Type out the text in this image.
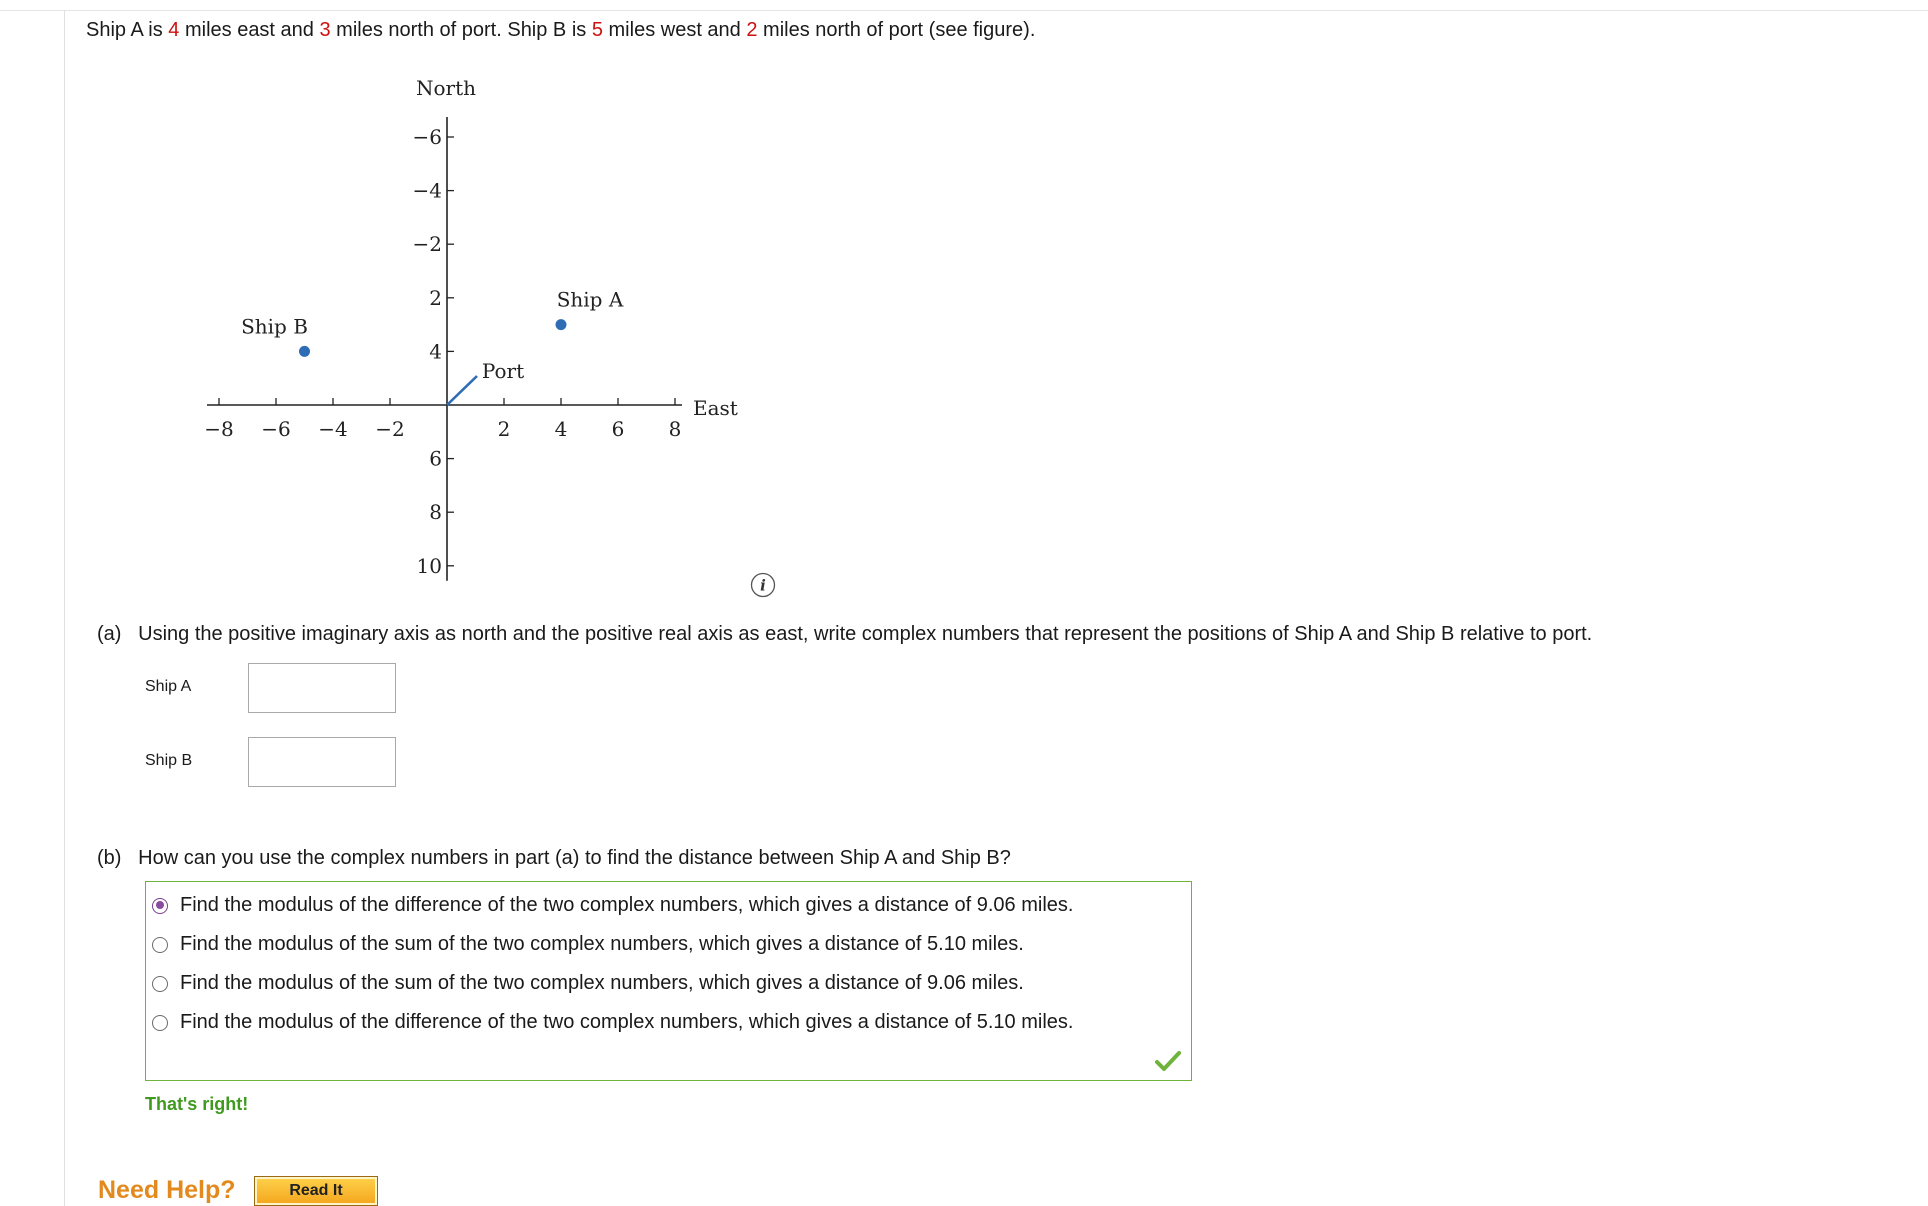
Ship A is 4 miles east and 3 miles north of port. Ship B is 5 miles west and 2 miles north of port (see figure).
−8 −6 −4 −2	2 4 6 8
10
8
6
4
2
−2
−4
−6
North
East
Port
Ship A
Ship B
i
(a) Using the positive imaginary axis as north and the positive real axis as east, write complex numbers that represent the positions of Ship A and Ship B relative to port.
Ship A
Ship B
(b) How can you use the complex numbers in part (a) to find the distance between Ship A and Ship B?
Find the modulus of the difference of the two complex numbers, which gives a distance of 9.06 miles.
Find the modulus of the sum of the two complex numbers, which gives a distance of 5.10 miles.
Find the modulus of the sum of the two complex numbers, which gives a distance of 9.06 miles.
Find the modulus of the difference of the two complex numbers, which gives a distance of 5.10 miles.
That's right!
Need Help?	Read It
